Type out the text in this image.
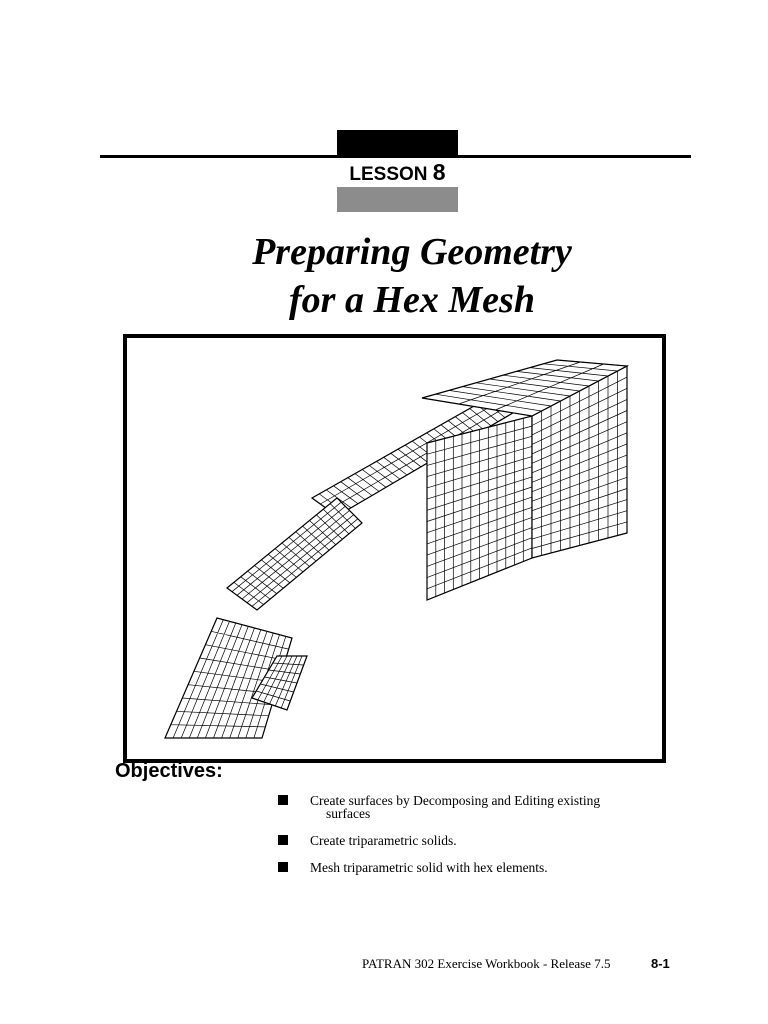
LESSON 8
Preparing Geometry
for a Hex Mesh
Objectives:
Create surfaces by Decomposing and Editing existing
surfaces
Create triparametric solids.
Mesh triparametric solid with hex elements.
PATRAN 302 Exercise Workbook - Release 7.5	8-1
